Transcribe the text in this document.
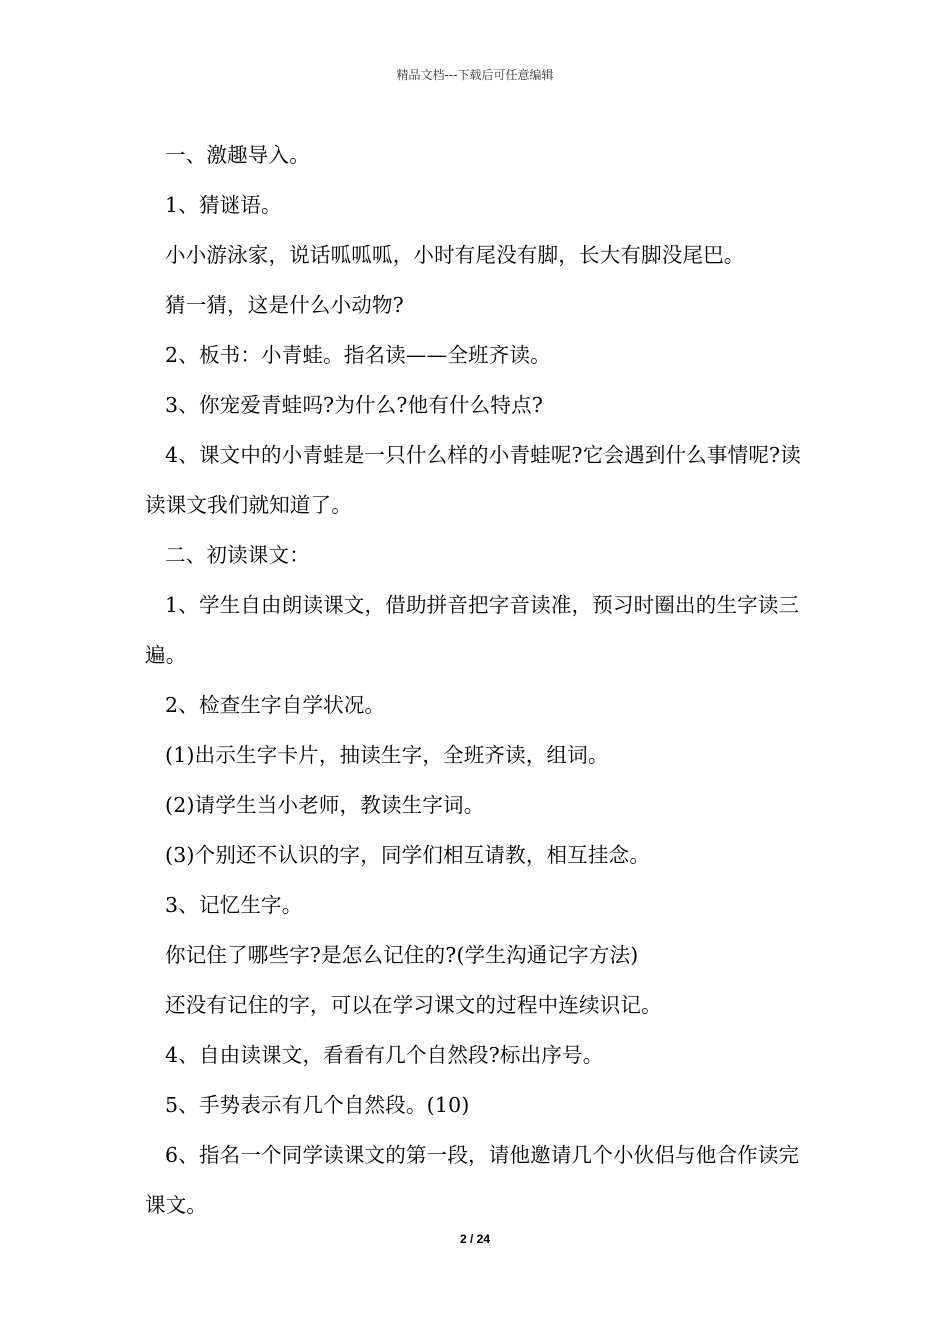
精品文档---下载后可任意编辑

一、激趣导入。

1、猜谜语。

小小游泳家，说话呱呱呱，小时有尾没有脚，长大有脚没尾巴。

猜一猜，这是什么小动物?

2、板书：小青蛙。指名读——全班齐读。

3、你宠爱青蛙吗?为什么?他有什么特点?

4、课文中的小青蛙是一只什么样的小青蛙呢?它会遇到什么事情呢?读读课文我们就知道了。

二、初读课文：

1、学生自由朗读课文，借助拼音把字音读准，预习时圈出的生字读三遍。

2、检查生字自学状况。

(1)出示生字卡片，抽读生字，全班齐读，组词。

(2)请学生当小老师，教读生字词。

(3)个别还不认识的字，同学们相互请教，相互挂念。

3、记忆生字。

你记住了哪些字?是怎么记住的?(学生沟通记字方法)

还没有记住的字，可以在学习课文的过程中连续识记。

4、自由读课文，看看有几个自然段?标出序号。

5、手势表示有几个自然段。(10)

6、指名一个同学读课文的第一段，请他邀请几个小伙侣与他合作读完课文。

2 / 24
